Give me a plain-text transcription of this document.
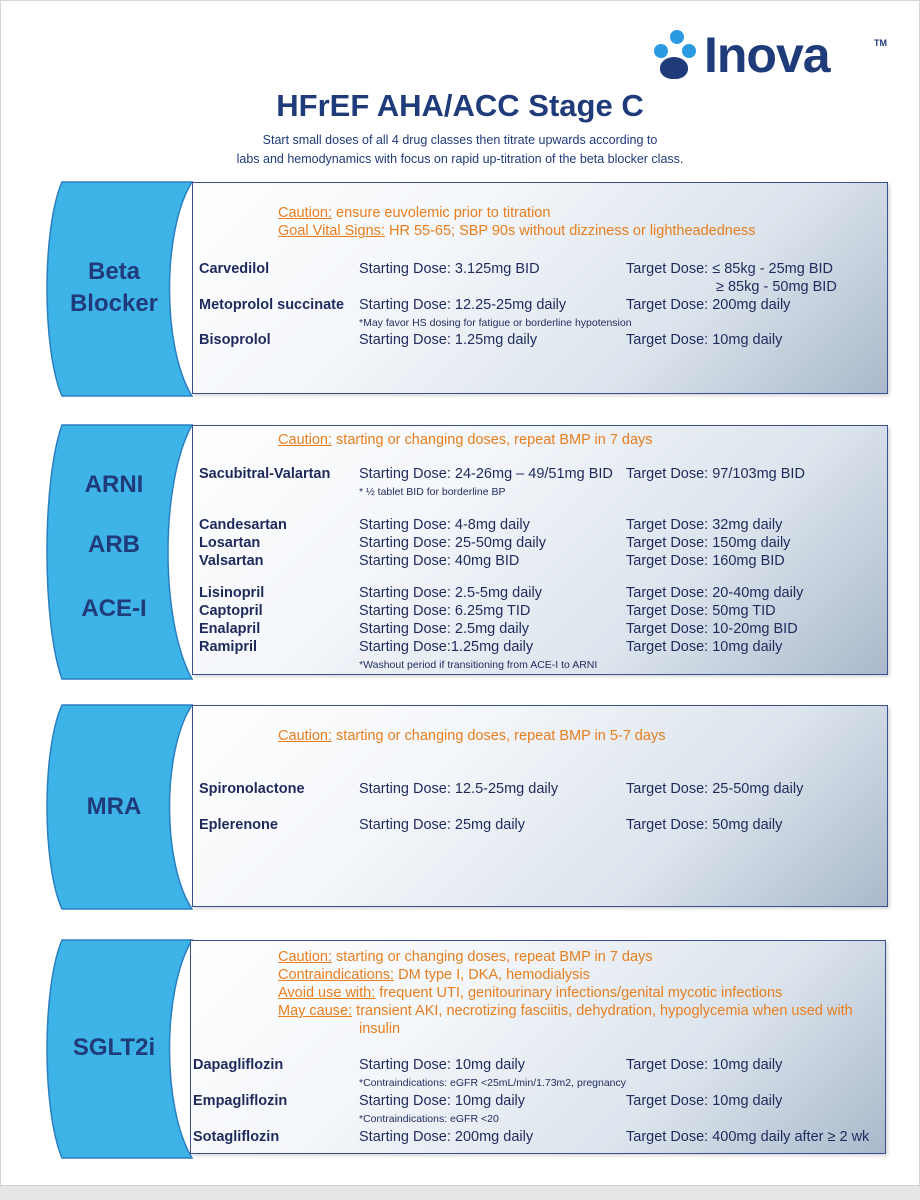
Inova	TM
HFrEF AHA/ACC Stage C
Start small doses of all 4 drug classes then titrate upwards according to
labs and hemodynamics with focus on rapid up-titration of the beta blocker class.
Beta
Blocker
Caution: ensure euvolemic prior to titration
Goal Vital Signs: HR 55-65; SBP 90s without dizziness or lightheadedness
Carvedilol	Starting Dose: 3.125mg BID	Target Dose: ≤ 85kg - 25mg BID
≥ 85kg - 50mg BID
Metoprolol succinate Starting Dose: 12.25-25mg daily	Target Dose: 200mg daily
*May favor HS dosing for fatigue or borderline hypotension
Bisoprolol	Starting Dose: 1.25mg daily	Target Dose: 10mg daily
ARNI
ARB
ACE-I
Caution: starting or changing doses, repeat BMP in 7 days
Sacubitral-Valartan Starting Dose: 24-26mg – 49/51mg BID Target Dose: 97/103mg BID
* ½ tablet BID for borderline BP
Candesartan	Starting Dose: 4-8mg daily	Target Dose: 32mg daily
Losartan	Starting Dose: 25-50mg daily	Target Dose: 150mg daily
Valsartan	Starting Dose: 40mg BID	Target Dose: 160mg BID
Lisinopril	Starting Dose: 2.5-5mg daily	Target Dose: 20-40mg daily
Captopril	Starting Dose: 6.25mg TID	Target Dose: 50mg TID
Enalapril	Starting Dose: 2.5mg daily	Target Dose: 10-20mg BID
Ramipril	Starting Dose:1.25mg daily	Target Dose: 10mg daily
*Washout period if transitioning from ACE-I to ARNI
MRA
Caution: starting or changing doses, repeat BMP in 5-7 days
Spironolactone	Starting Dose: 12.5-25mg daily	Target Dose: 25-50mg daily
Eplerenone	Starting Dose: 25mg daily	Target Dose: 50mg daily
SGLT2i
Caution: starting or changing doses, repeat BMP in 7 days
Contraindications: DM type I, DKA, hemodialysis
Avoid use with: frequent UTI, genitourinary infections/genital mycotic infections
May cause: transient AKI, necrotizing fasciitis, dehydration, hypoglycemia when used with
insulin
Dapagliflozin	Starting Dose: 10mg daily	Target Dose: 10mg daily
*Contraindications: eGFR <25mL/min/1.73m2, pregnancy
Empagliflozin	Starting Dose: 10mg daily	Target Dose: 10mg daily
*Contraindications: eGFR <20
Sotagliflozin	Starting Dose: 200mg daily	Target Dose: 400mg daily after ≥ 2 wk
